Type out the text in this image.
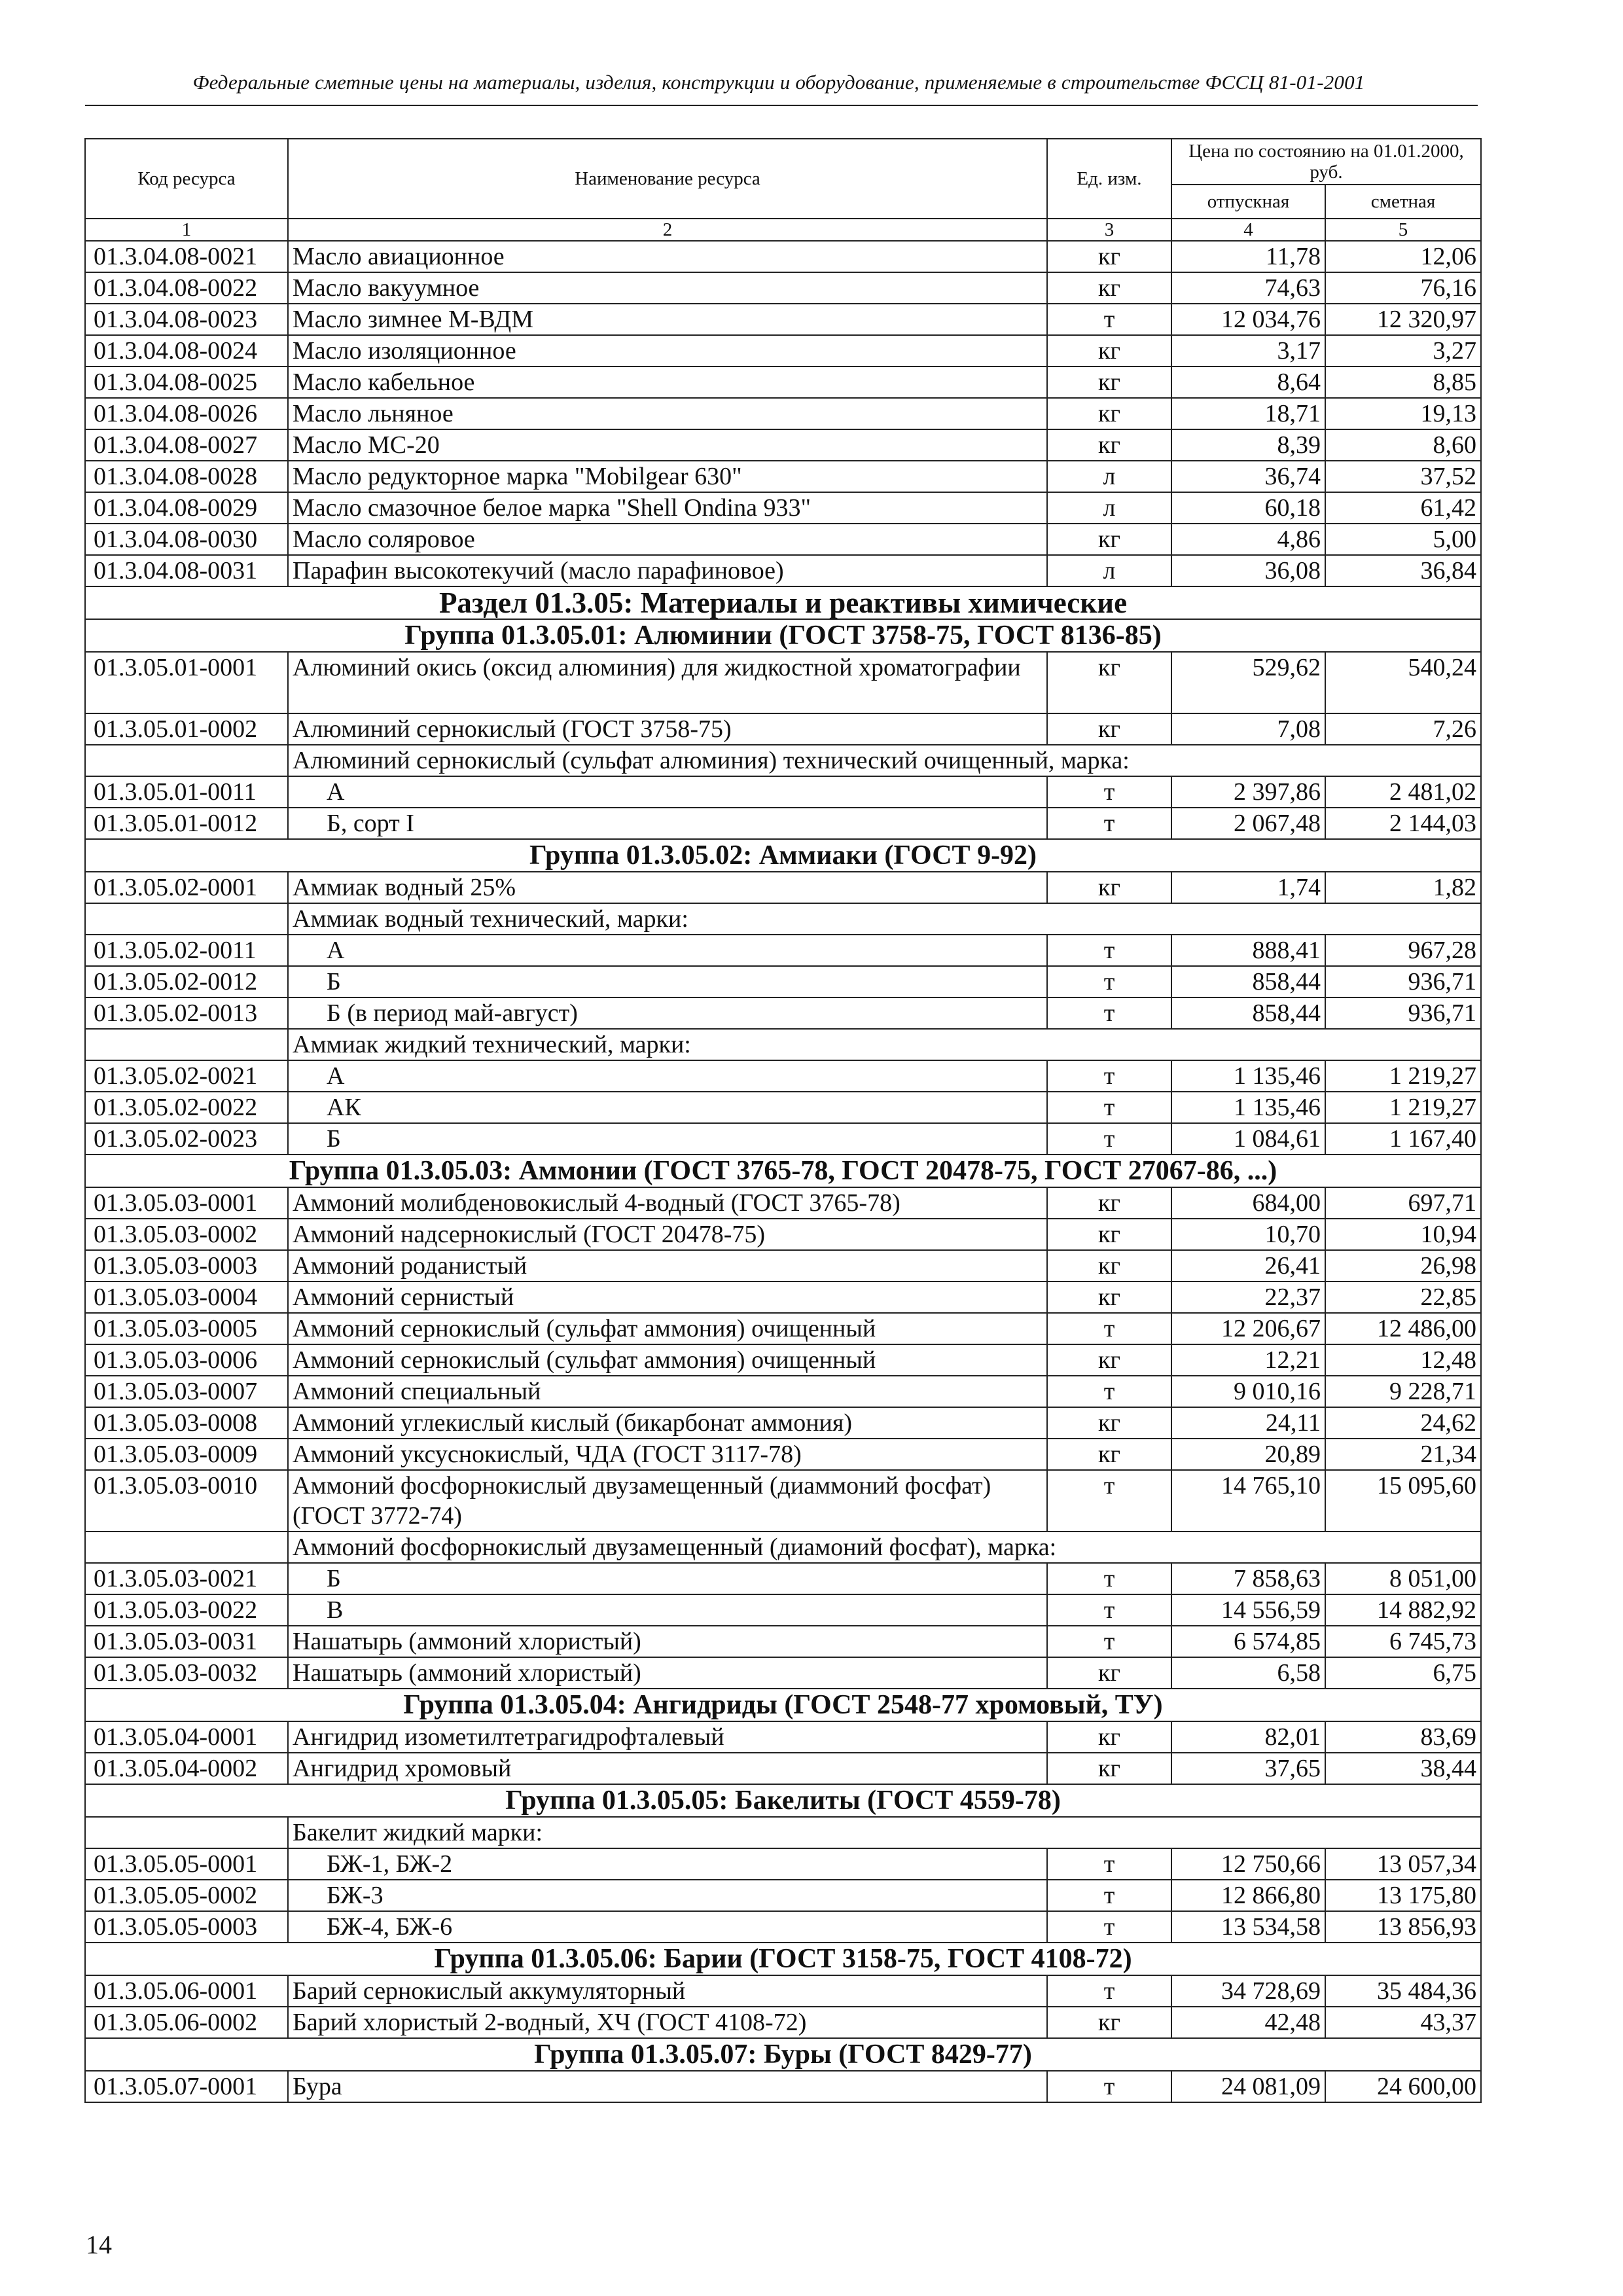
Федеральные сметные цены на материалы, изделия, конструкции и оборудование, применяемые в строительстве ФССЦ 81-01-2001
Код ресурса	Наименование ресурса	Ед. изм.	Цена по состоянию на 01.01.2000, руб.	
			отпускная	сметная
1	2	3	4	5
01.3.04.08-0021	Масло авиационное	кг	11,78	12,06
01.3.04.08-0022	Масло вакуумное	кг	74,63	76,16
01.3.04.08-0023	Масло зимнее М-ВДМ	т	12 034,76	12 320,97
01.3.04.08-0024	Масло изоляционное	кг	3,17	3,27
01.3.04.08-0025	Масло кабельное	кг	8,64	8,85
01.3.04.08-0026	Масло льняное	кг	18,71	19,13
01.3.04.08-0027	Масло МС-20	кг	8,39	8,60
01.3.04.08-0028	Масло редукторное марка "Mobilgear 630"	л	36,74	37,52
01.3.04.08-0029	Масло смазочное белое марка "Shell Ondina 933"	л	60,18	61,42
01.3.04.08-0030	Масло соляровое	кг	4,86	5,00
01.3.04.08-0031	Парафин высокотекучий (масло парафиновое)	л	36,08	36,84
Раздел 01.3.05: Материалы и реактивы химические				
Группа 01.3.05.01: Алюминии (ГОСТ 3758-75, ГОСТ 8136-85)				
01.3.05.01-0001	Алюминий окись (оксид алюминия) для жидкостной хроматографии	кг	529,62	540,24
01.3.05.01-0002	Алюминий сернокислый (ГОСТ 3758-75)	кг	7,08	7,26
	Алюминий сернокислый (сульфат алюминия) технический очищенный, марка:			
01.3.05.01-0011	А	т	2 397,86	2 481,02
01.3.05.01-0012	Б, сорт I	т	2 067,48	2 144,03
Группа 01.3.05.02: Аммиаки (ГОСТ 9-92)				
01.3.05.02-0001	Аммиак водный 25%	кг	1,74	1,82
	Аммиак водный технический, марки:			
01.3.05.02-0011	А	т	888,41	967,28
01.3.05.02-0012	Б	т	858,44	936,71
01.3.05.02-0013	Б (в период май-август)	т	858,44	936,71
	Аммиак жидкий технический, марки:			
01.3.05.02-0021	А	т	1 135,46	1 219,27
01.3.05.02-0022	АК	т	1 135,46	1 219,27
01.3.05.02-0023	Б	т	1 084,61	1 167,40
Группа 01.3.05.03: Аммонии (ГОСТ 3765-78, ГОСТ 20478-75, ГОСТ 27067-86, ...)				
01.3.05.03-0001	Аммоний молибденовокислый 4-водный (ГОСТ 3765-78)	кг	684,00	697,71
01.3.05.03-0002	Аммоний надсернокислый (ГОСТ 20478-75)	кг	10,70	10,94
01.3.05.03-0003	Аммоний роданистый	кг	26,41	26,98
01.3.05.03-0004	Аммоний сернистый	кг	22,37	22,85
01.3.05.03-0005	Аммоний сернокислый (сульфат аммония) очищенный	т	12 206,67	12 486,00
01.3.05.03-0006	Аммоний сернокислый (сульфат аммония) очищенный	кг	12,21	12,48
01.3.05.03-0007	Аммоний специальный	т	9 010,16	9 228,71
01.3.05.03-0008	Аммоний углекислый кислый (бикарбонат аммония)	кг	24,11	24,62
01.3.05.03-0009	Аммоний уксуснокислый, ЧДА (ГОСТ 3117-78)	кг	20,89	21,34
01.3.05.03-0010	Аммоний фосфорнокислый двузамещенный (диаммоний фосфат) (ГОСТ 3772-74)	т	14 765,10	15 095,60
	Аммоний фосфорнокислый двузамещенный (диамоний фосфат), марка:			
01.3.05.03-0021	Б	т	7 858,63	8 051,00
01.3.05.03-0022	В	т	14 556,59	14 882,92
01.3.05.03-0031	Нашатырь (аммоний хлористый)	т	6 574,85	6 745,73
01.3.05.03-0032	Нашатырь (аммоний хлористый)	кг	6,58	6,75
Группа 01.3.05.04: Ангидриды (ГОСТ 2548-77 хромовый, ТУ)				
01.3.05.04-0001	Ангидрид изометилтетрагидрофталевый	кг	82,01	83,69
01.3.05.04-0002	Ангидрид хромовый	кг	37,65	38,44
Группа 01.3.05.05: Бакелиты (ГОСТ 4559-78)				
	Бакелит жидкий марки:			
01.3.05.05-0001	БЖ-1, БЖ-2	т	12 750,66	13 057,34
01.3.05.05-0002	БЖ-3	т	12 866,80	13 175,80
01.3.05.05-0003	БЖ-4, БЖ-6	т	13 534,58	13 856,93
Группа 01.3.05.06: Барии (ГОСТ 3158-75, ГОСТ 4108-72)				
01.3.05.06-0001	Барий сернокислый аккумуляторный	т	34 728,69	35 484,36
01.3.05.06-0002	Барий хлористый 2-водный, ХЧ (ГОСТ 4108-72)	кг	42,48	43,37
Группа 01.3.05.07: Буры (ГОСТ 8429-77)				
01.3.05.07-0001	Бура	т	24 081,09	24 600,00
14
